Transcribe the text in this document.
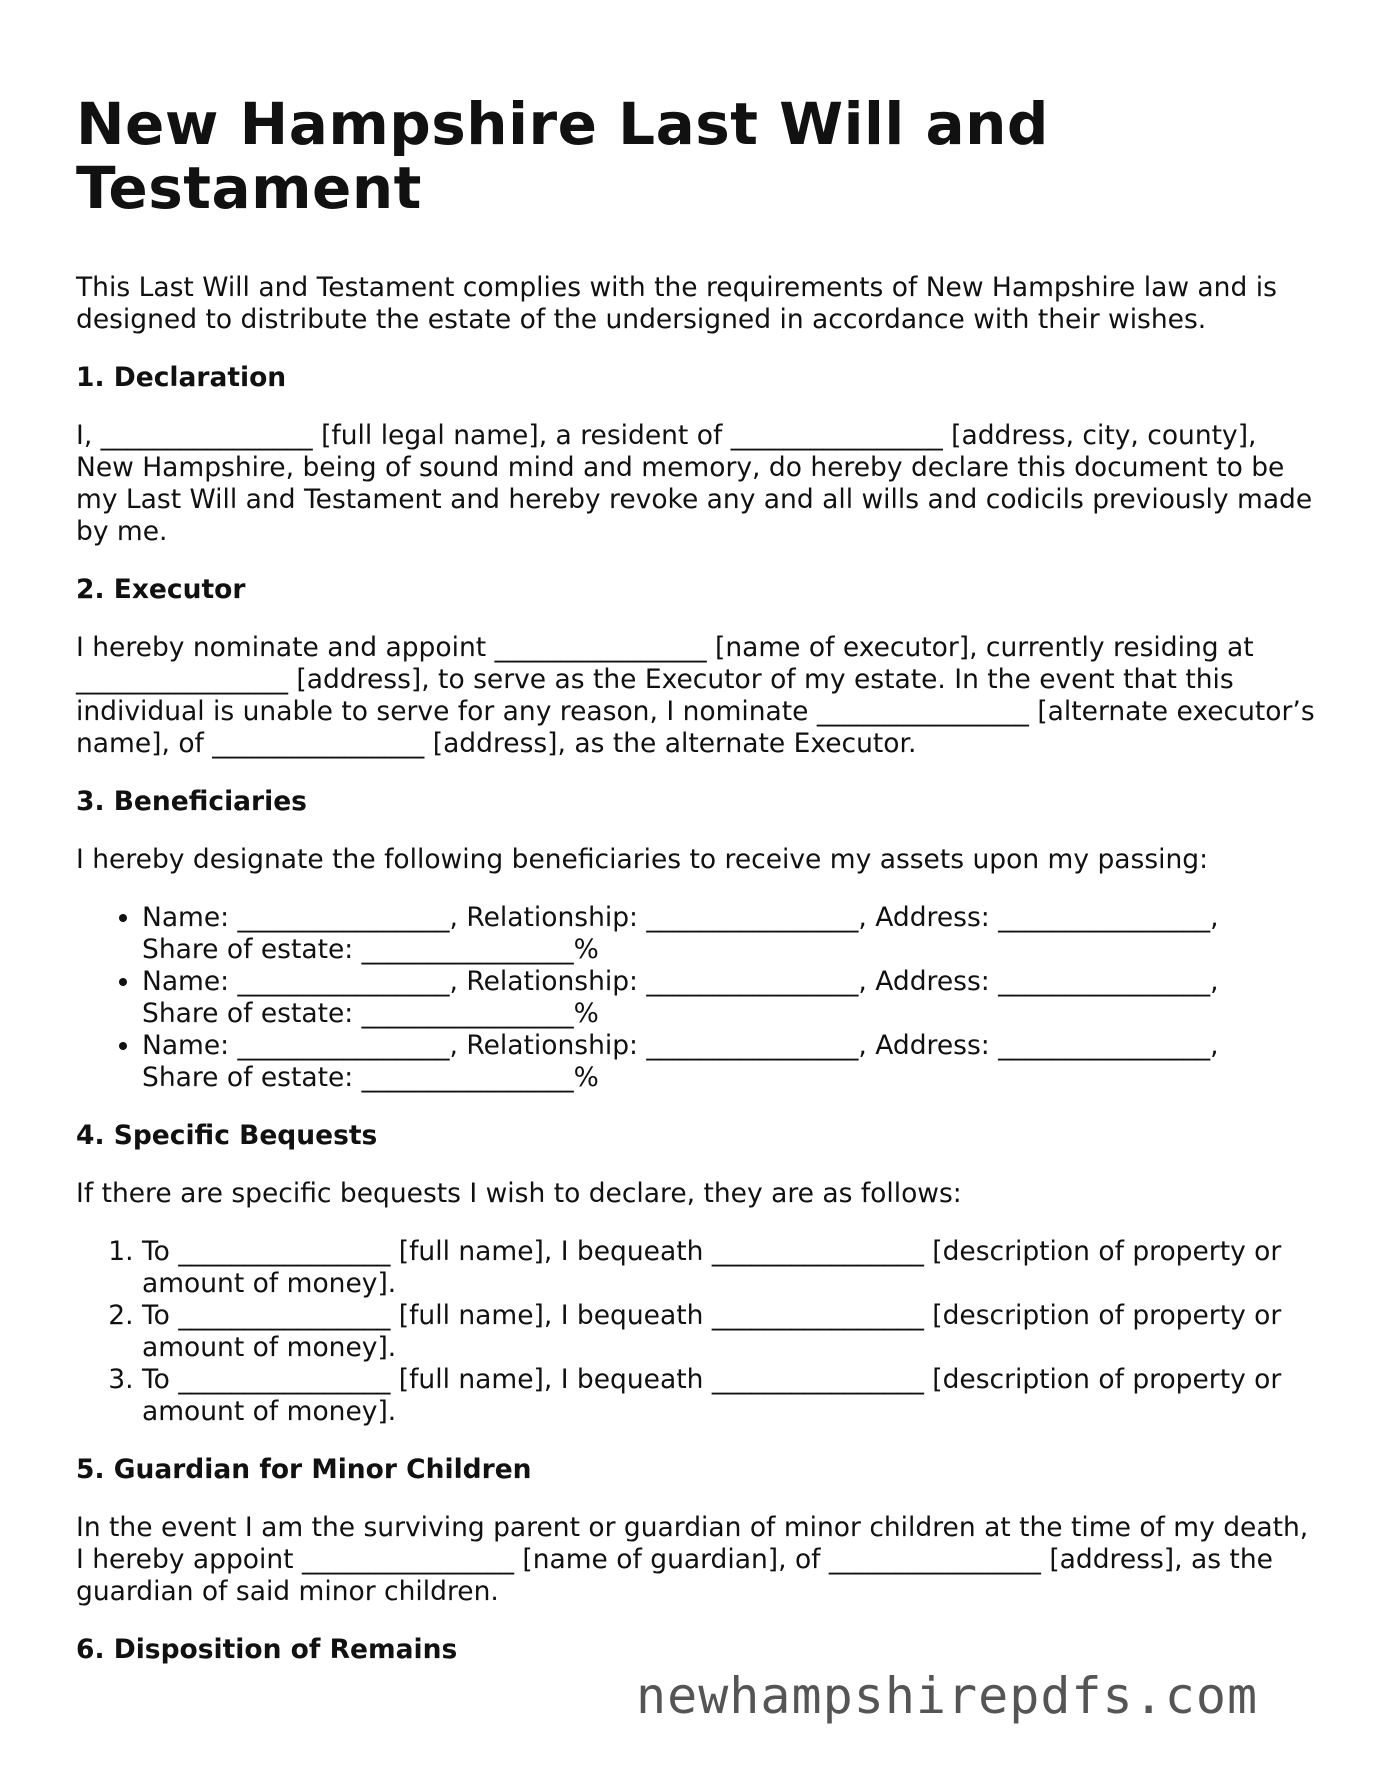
New Hampshire Last Will and Testament

This Last Will and Testament complies with the requirements of New Hampshire law and is designed to distribute the estate of the undersigned in accordance with their wishes.

1. Declaration

I, ________________ [full legal name], a resident of ________________ [address, city, county], New Hampshire, being of sound mind and memory, do hereby declare this document to be my Last Will and Testament and hereby revoke any and all wills and codicils previously made by me.

2. Executor

I hereby nominate and appoint ________________ [name of executor], currently residing at ________________ [address], to serve as the Executor of my estate. In the event that this individual is unable to serve for any reason, I nominate ________________ [alternate executor’s name], of ________________ [address], as the alternate Executor.

3. Beneficiaries

I hereby designate the following beneficiaries to receive my assets upon my passing:

• Name: ________________, Relationship: ________________, Address: ________________, Share of estate: ________________%
• Name: ________________, Relationship: ________________, Address: ________________, Share of estate: ________________%
• Name: ________________, Relationship: ________________, Address: ________________, Share of estate: ________________%
4. Specific Bequests

If there are specific bequests I wish to declare, they are as follows:

1. To ________________ [full name], I bequeath ________________ [description of property or amount of money].
2. To ________________ [full name], I bequeath ________________ [description of property or amount of money].
3. To ________________ [full name], I bequeath ________________ [description of property or amount of money].
5. Guardian for Minor Children

In the event I am the surviving parent or guardian of minor children at the time of my death, I hereby appoint ________________ [name of guardian], of ________________ [address], as the guardian of said minor children.

6. Disposition of Remains
newhampshirepdfs.com
